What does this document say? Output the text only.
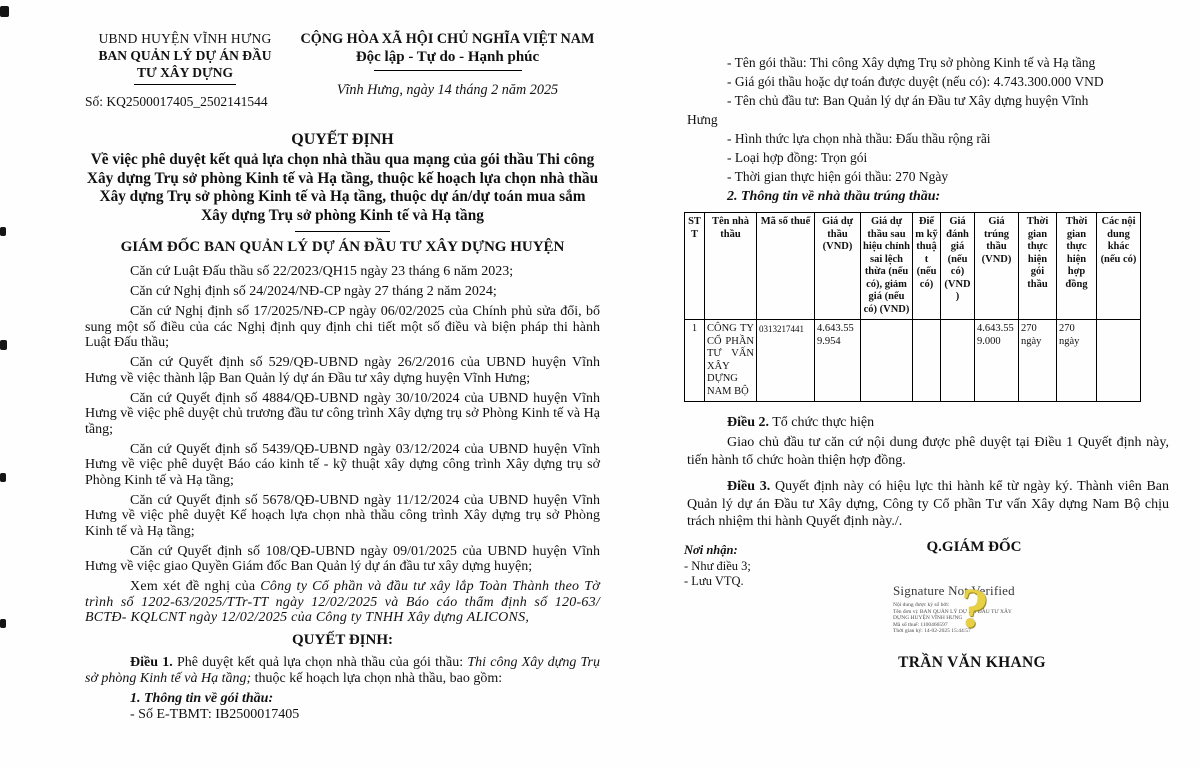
UBND HUYỆN VĨNH HƯNG
BAN QUẢN LÝ DỰ ÁN ĐẦU
TƯ XÂY DỰNG
Số: KQ2500017405_2502141544
CỘNG HÒA XÃ HỘI CHỦ NGHĨA VIỆT NAM
Độc lập - Tự do - Hạnh phúc
Vĩnh Hưng, ngày 14 tháng 2 năm 2025
QUYẾT ĐỊNH
Về việc phê duyệt kết quả lựa chọn nhà thầu qua mạng của gói thầu Thi công Xây dựng Trụ sở phòng Kinh tế và Hạ tầng, thuộc kế hoạch lựa chọn nhà thầu Xây dựng Trụ sở phòng Kinh tế và Hạ tầng, thuộc dự án/dự toán mua sắm Xây dựng Trụ sở phòng Kinh tế và Hạ tầng
GIÁM ĐỐC BAN QUẢN LÝ DỰ ÁN ĐẦU TƯ XÂY DỰNG HUYỆN

Căn cứ Luật Đấu thầu số 22/2023/QH15 ngày 23 tháng 6 năm 2023;

Căn cứ Nghị định số 24/2024/NĐ-CP ngày 27 tháng 2 năm 2024;

Căn cứ Nghị định số 17/2025/NĐ-CP ngày 06/02/2025 của Chính phủ sửa đổi, bổ sung một số điều của các Nghị định quy định chi tiết một số điều và biện pháp thi hành Luật Đấu thầu;

Căn cứ Quyết định số 529/QĐ-UBND ngày 26/2/2016 của UBND huyện Vĩnh Hưng về việc thành lập Ban Quản lý dự án Đầu tư xây dựng huyện Vĩnh Hưng;

Căn cứ Quyết định số 4884/QĐ-UBND ngày 30/10/2024 của UBND huyện Vĩnh Hưng về việc phê duyệt chủ trương đầu tư công trình Xây dựng trụ sở Phòng Kinh tế và Hạ tầng;

Căn cứ Quyết định số 5439/QĐ-UBND ngày 03/12/2024 của UBND huyện Vĩnh Hưng về việc phê duyệt Báo cáo kinh tế - kỹ thuật xây dựng công trình Xây dựng trụ sở Phòng Kinh tế và Hạ tầng;

Căn cứ Quyết định số 5678/QĐ-UBND ngày 11/12/2024 của UBND huyện Vĩnh Hưng về việc phê duyệt Kế hoạch lựa chọn nhà thầu công trình Xây dựng trụ sở Phòng Kinh tế và Hạ tầng;

Căn cứ Quyết định số 108/QĐ-UBND ngày 09/01/2025 của UBND huyện Vĩnh Hưng về việc giao Quyền Giám đốc Ban Quản lý dự án đầu tư xây dựng huyện;

Xem xét đề nghị của Công ty Cổ phần và đầu tư xây lắp Toàn Thành theo Tờ trình số 1202-63/2025/TTr-TT ngày 12/02/2025 và Báo cáo thẩm định số 120-63/ BCTĐ- KQLCNT ngày 12/02/2025 của Công ty TNHH Xây dựng ALICONS,

QUYẾT ĐỊNH:

Điều 1. Phê duyệt kết quả lựa chọn nhà thầu của gói thầu: Thi công Xây dựng Trụ sở phòng Kinh tế và Hạ tầng; thuộc kế hoạch lựa chọn nhà thầu, bao gồm:

1. Thông tin về gói thầu:
- Số E-TBMT: IB2500017405
- Tên gói thầu: Thi công Xây dựng Trụ sở phòng Kinh tế và Hạ tầng
- Giá gói thầu hoặc dự toán được duyệt (nếu có): 4.743.300.000 VND
- Tên chủ đầu tư: Ban Quản lý dự án Đầu tư Xây dựng huyện Vĩnh
Hưng
- Hình thức lựa chọn nhà thầu: Đấu thầu rộng rãi
- Loại hợp đồng: Trọn gói
- Thời gian thực hiện gói thầu: 270 Ngày
2. Thông tin về nhà thầu trúng thầu:
STT	Tên nhà thầu	Mã số thuế	Giá dự thầu (VND)	Giá dự thầu sau hiệu chỉnh sai lệch thừa (nếu có), giảm giá (nếu có) (VND)	Điểm kỹ thuật (nếu có)	Giá đánh giá (nếu có) (VND)	Giá trúng thầu (VND)	Thời gian thực hiện gói thầu	Thời gian thực hiện hợp đồng	Các nội dung khác (nếu có)
1	CÔNG TY CỔ PHẦN TƯ VẤN XÂY DỰNG NAM BỘ	0313217441	4.643.559.954				4.643.559.000	270 ngày	270 ngày	
Điều 2. Tổ chức thực hiện
Giao chủ đầu tư căn cứ nội dung được phê duyệt tại Điều 1 Quyết định này, tiến hành tổ chức hoàn thiện hợp đồng.

Điều 3. Quyết định này có hiệu lực thi hành kể từ ngày ký. Thành viên Ban Quản lý dự án Đầu tư Xây dựng, Công ty Cổ phần Tư vấn Xây dựng Nam Bộ chịu trách nhiệm thi hành Quyết định này./.

Nơi nhận:
- Như điều 3;
- Lưu VTQ.
Q.GIÁM ĐỐC
Signature Not Verified
Nội dung được ký số bởi:
Tên đơn vị: BAN QUẢN LÝ DỰ ÁN ĐẦU TƯ XÂY
DỰNG HUYỆN VĨNH HƯNG
Mã số thuế: 1100466597
Thời gian ký: 14-02-2025 15:44:57
?
TRẦN VĂN KHANG
